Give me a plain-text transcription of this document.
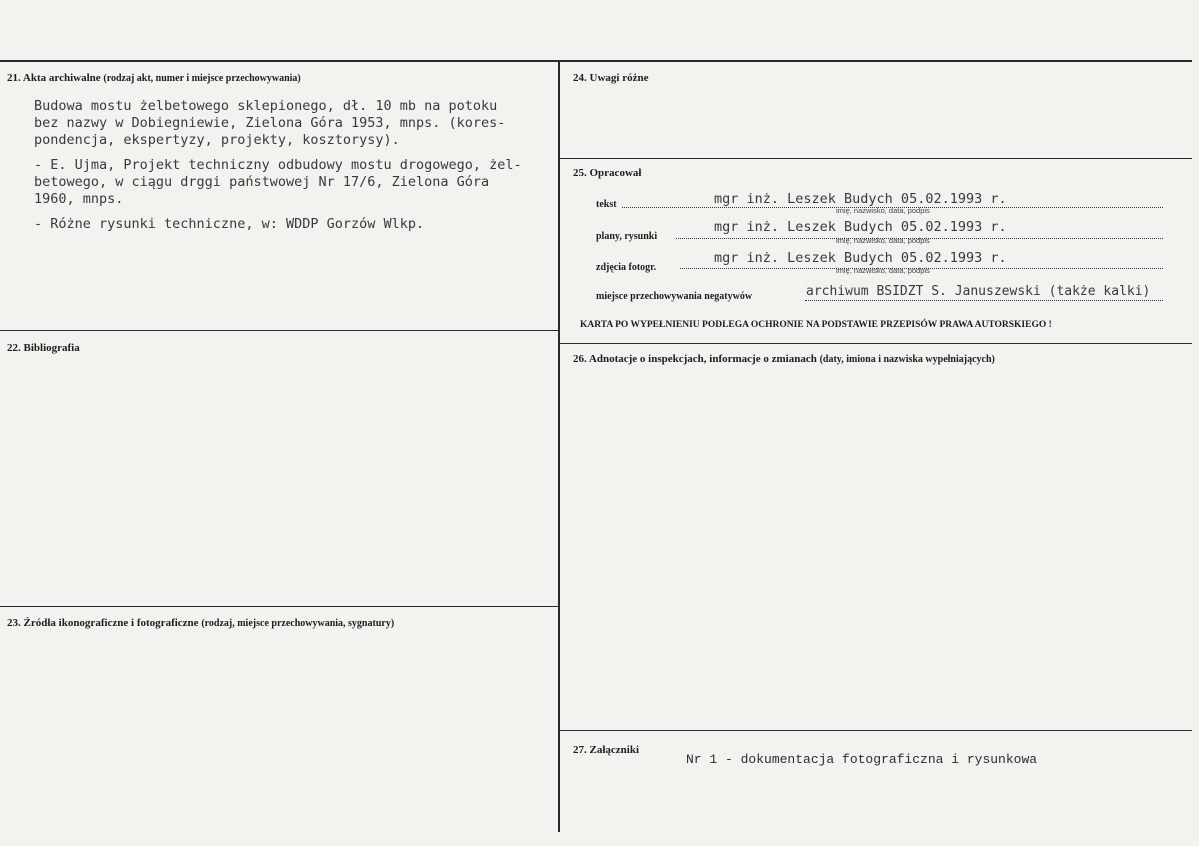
21. Akta archiwalne (rodzaj akt, numer i miejsce przechowywania)
Budowa mostu żelbetowego sklepionego, dł. 10 mb na potoku
bez nazwy w Dobiegniewie, Zielona Góra 1953, mnps. (kores-
pondencja, ekspertyzy, projekty, kosztorysy).
- E. Ujma, Projekt techniczny odbudowy mostu drogowego, żel-
betowego, w ciągu drggi państwowej Nr 17/6, Zielona Góra
1960, mnps.
- Różne rysunki techniczne, w: WDDP Gorzów Wlkp.
22. Bibliografia
23. Źródła ikonograficzne i fotograficzne (rodzaj, miejsce przechowywania, sygnatury)
24. Uwagi różne
25. Opracował
tekst	mgr inż. Leszek Budych 05.02.1993 r.
imię, nazwisko, data, podpis
plany, rysunki
mgr inż. Leszek Budych 05.02.1993 r.
imię, nazwisko, data, podpis
zdjęcia fotogr.
mgr inż. Leszek Budych 05.02.1993 r.
imię, nazwisko, data, podpis
miejsce przechowywania negatywów	archiwum BSIDZT S. Januszewski (także kalki)
KARTA PO WYPEŁNIENIU PODLEGA OCHRONIE NA PODSTAWIE PRZEPISÓW PRAWA AUTORSKIEGO !
26. Adnotacje o inspekcjach, informacje o zmianach (daty, imiona i nazwiska wypełniających)
27. Załączniki
Nr 1 - dokumentacja fotograficzna i rysunkowa
